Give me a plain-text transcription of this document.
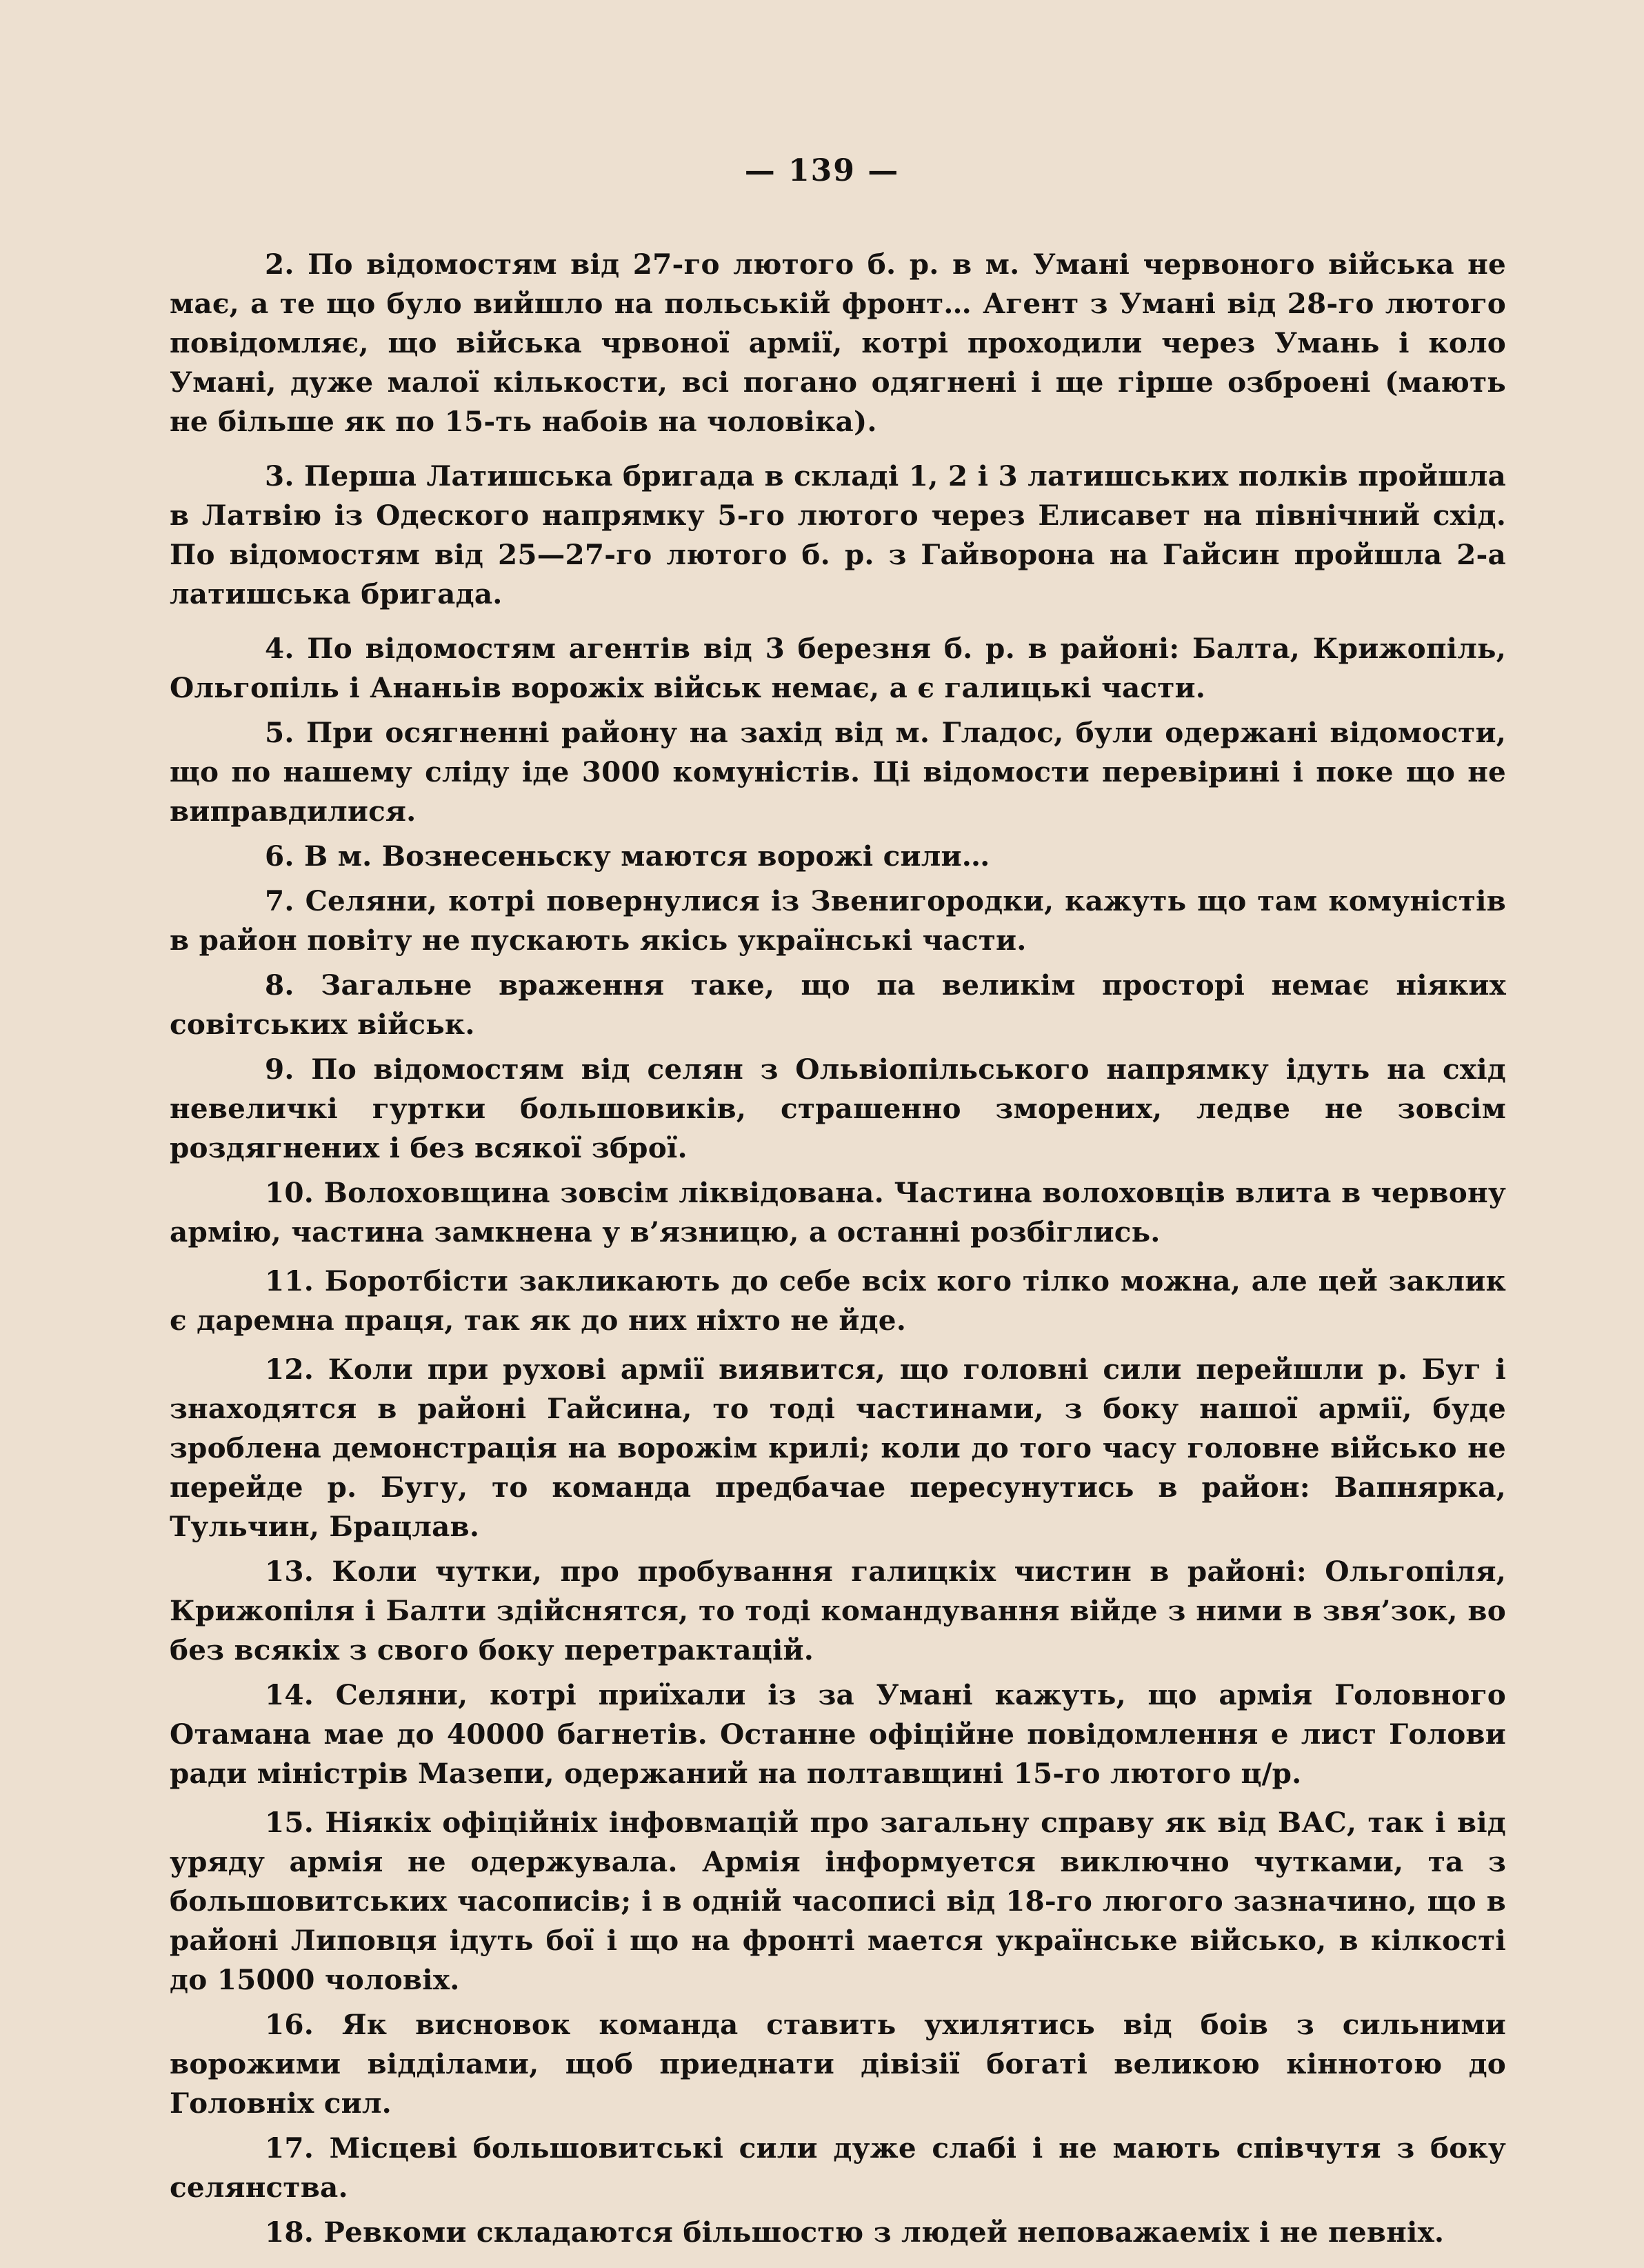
— 139 —

2. По відомостям від 27-го лютого б. р. в м. Умані червоного війська не має, а те що було вийшло на польській фронт… Агент з Умані від 28-го лютого повідомляє, що війська чрвоної армії, котрі проходили через Умань і коло Умані, дуже малої кількости, всі погано одягнені і ще гірше озброені (мають не більше як по 15-ть набоів на чоловіка).

3. Перша Латишська бригада в складі 1, 2 і 3 латишських полків пройшла в Латвію із Одеского напрямку 5-го лютого через Елисавет на північний схід. По відомостям від 25—27-го лютого б. р. з Гайворона на Гайсин пройшла 2-а латишська бригада.

4. По відомостям агентів від 3 березня б. р. в районі: Балта, Крижопіль, Ольгопіль і Ананьів ворожіх військ немає, а є галицькі части.

5. При осягненні району на захід від м. Гладос, були одержані відомости, що по нашему сліду іде 3000 комуністів. Ці відомости перевірині і поке що не виправдилися.

6. В м. Вознесеньску маются ворожі сили…

7. Селяни, котрі повернулися із Звенигородки, кажуть що там комуністів в район повіту не пускають якісь українські части.

8. Загальне враження таке, що па великім просторі немає ніяких совітських військ.

9. По відомостям від селян з Ольвіопільського напрямку ідуть на схід невеличкі гуртки большовиків, страшенно зморених, ледве не зовсім роздягнених і без всякої зброї.

10. Волоховщина зовсім ліквідована. Частина волоховців влита в червону армію, частина замкнена у в’язницю, а останні розбіглись.

11. Боротбісти закликають до себе всіх кого тілко можна, але цей заклик є даремна праця, так як до них ніхто не йде.

12. Коли при рухові армії виявится, що головні сили перейшли р. Буг і знаходятся в районі Гайсина, то тоді частинами, з боку нашої армії, буде зроблена демонстрація на ворожім крилі; коли до того часу головне військо не перейде р. Бугу, то команда предбачае пересунутись в район: Вапнярка, Тульчин, Брацлав.

13. Коли чутки, про пробування галицкіх чистин в районі: Ольгопіля, Крижопіля і Балти здійснятся, то тоді командування війде з ними в звя’зок, во без всякіх з свого боку перетрактацій.

14. Селяни, котрі приїхали із за Умані кажуть, що армія Головного Отамана мае до 40000 багнетів. Останне офіційне повідомлення е лист Голови ради міністрів Мазепи, одержаний на полтавщині 15-го лютого ц/р.

15. Ніякіх офіційніх інфовмацій про загальну справу як від ВАС, так і від уряду армія не одержувала. Армія інформуется виключно чутками, та з большовитських часописів; і в одній часописі від 18-го люгого зазначино, що в районі Липовця ідуть бої і що на фронті мается українське військо, в кілкості до 15000 чоловіх.

16. Як висновок команда ставить ухилятись від боів з сильними ворожими відділами, щоб приеднати дівізії богаті великою кіннотою до Головніх сил.

17. Місцеві большовитські сили дуже слабі і не мають співчутя з боку селянства.

18. Ревкоми складаются більшостю з людей неповажаеміх і не певніх.
